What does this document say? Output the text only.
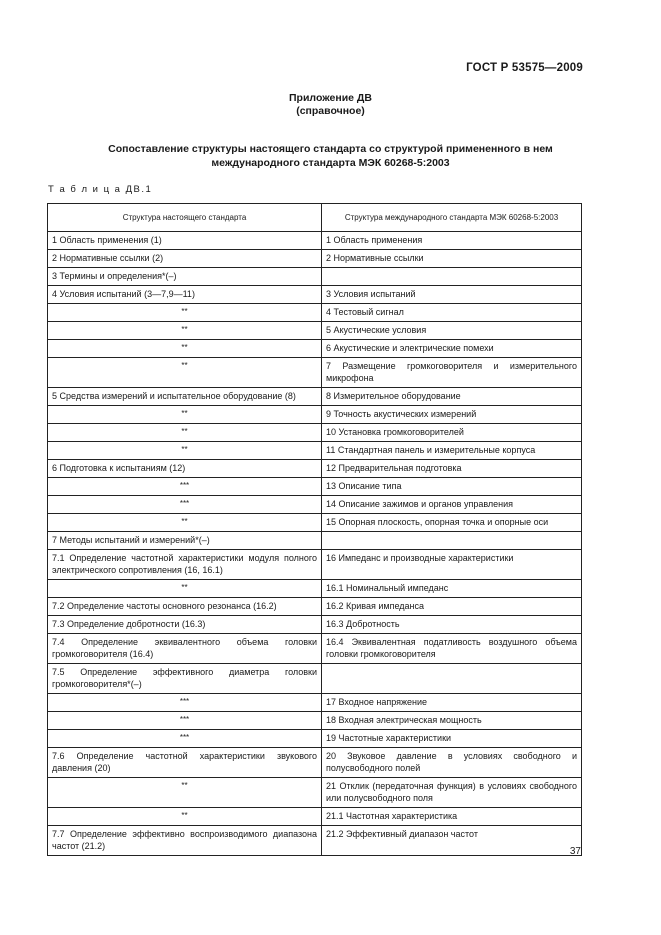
ГОСТ Р 53575—2009
Приложение ДВ
(справочное)
Сопоставление структуры настоящего стандарта со структурой примененного в нем
международного стандарта МЭК 60268-5:2003
Т а б л и ц а ДВ.1
Структура настоящего стандарта	Структура международного стандарта МЭК 60268-5:2003
1 Область применения (1)	1 Область применения
2 Нормативные ссылки (2)	2 Нормативные ссылки
3 Термины и определения*(–)	
4 Условия испытаний (3—7,9—11)	3 Условия испытаний
**	4 Тестовый сигнал
**	5 Акустические условия
**	6 Акустические и электрические помехи
**	7 Размещение громкоговорителя и измерительного микрофона
5 Средства измерений и испытательное оборудование (8)	8 Измерительное оборудование
**	9 Точность акустических измерений
**	10 Установка громкоговорителей
**	11 Стандартная панель и измерительные корпуса
6 Подготовка к испытаниям (12)	12 Предварительная подготовка
***	13 Описание типа
***	14 Описание зажимов и органов управления
**	15 Опорная плоскость, опорная точка и опорные оси
7 Методы испытаний и измерений*(–)	
7.1 Определение частотной характеристики модуля полного электрического сопротивления (16, 16.1)	16 Импеданс и производные характеристики
**	16.1 Номинальный импеданс
7.2 Определение частоты основного резонанса (16.2)	16.2 Кривая импеданса
7.3 Определение добротности (16.3)	16.3 Добротность
7.4 Определение эквивалентного объема головки громкоговорителя (16.4)	16.4 Эквивалентная податливость воздушного объема головки громкоговорителя
7.5 Определение эффективного диаметра головки громкоговорителя*(–)	
***	17 Входное напряжение
***	18 Входная электрическая мощность
***	19 Частотные характеристики
7.6 Определение частотной характеристики звукового давления (20)	20 Звуковое давление в условиях свободного и полусвободного полей
**	21 Отклик (передаточная функция) в условиях свободного или полусвободного поля
**	21.1 Частотная характеристика
7.7 Определение эффективно воспроизводимого диапазона частот (21.2)	21.2 Эффективный диапазон частот
37
